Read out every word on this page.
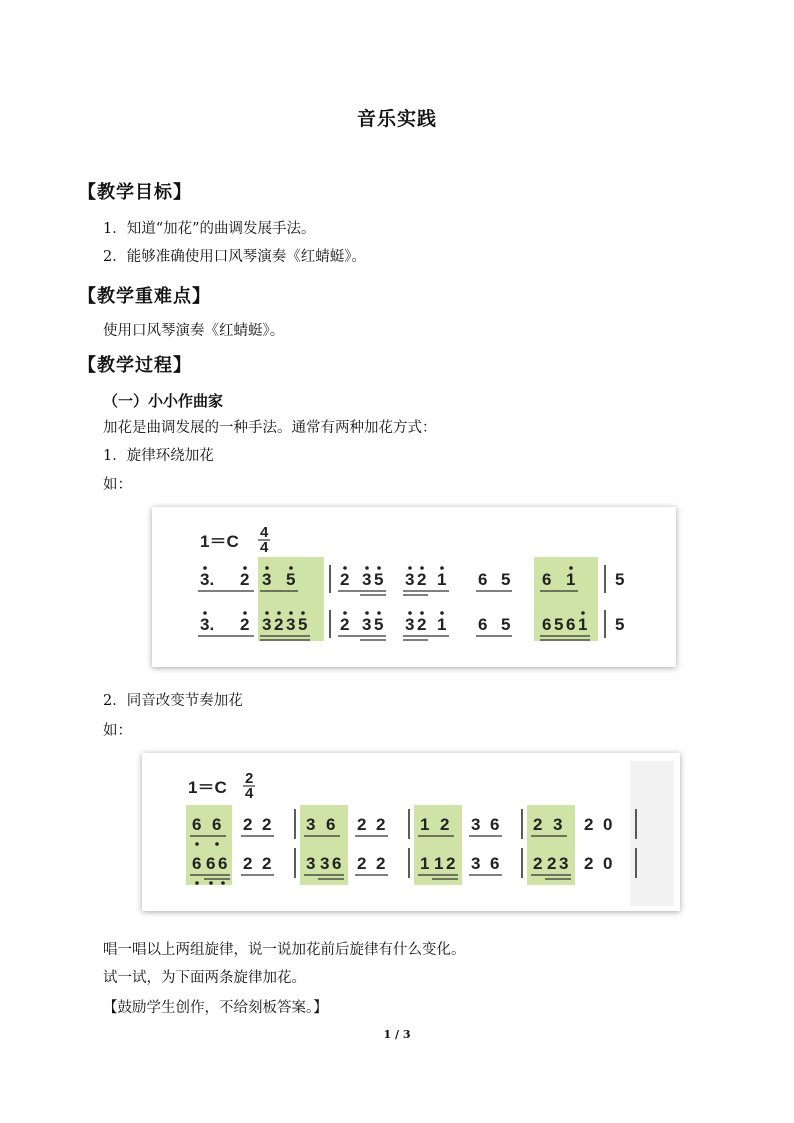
音乐实践
【教学目标】
1．知道“加花”的曲调发展手法。
2．能够准确使用口风琴演奏《红蜻蜓》。
【教学重难点】
使用口风琴演奏《红蜻蜓》。
【教学过程】
（一）小小作曲家
加花是曲调发展的一种手法。通常有两种加花方式：
1．旋律环绕加花
如：
1＝C 4
4
3. 2 3 5	2 3 5 3 2 1 6 5 6 1 5
3. 2 3 2 3 5 2 3 5 3 2 1 6 5 6 5 6 1 5
2．同音改变节奏加花
如：
1＝C 2
4
6 6 2 2 3 6 2 2 1 2 3 6 2 3 2 0
6 6 6 2 2 3 3 6 2 2 1 1 2 3 6 2 2 3 2 0
唱一唱以上两组旋律，说一说加花前后旋律有什么变化。
试一试，为下面两条旋律加花。
【鼓励学生创作，不给刻板答案。】
1 / 3
